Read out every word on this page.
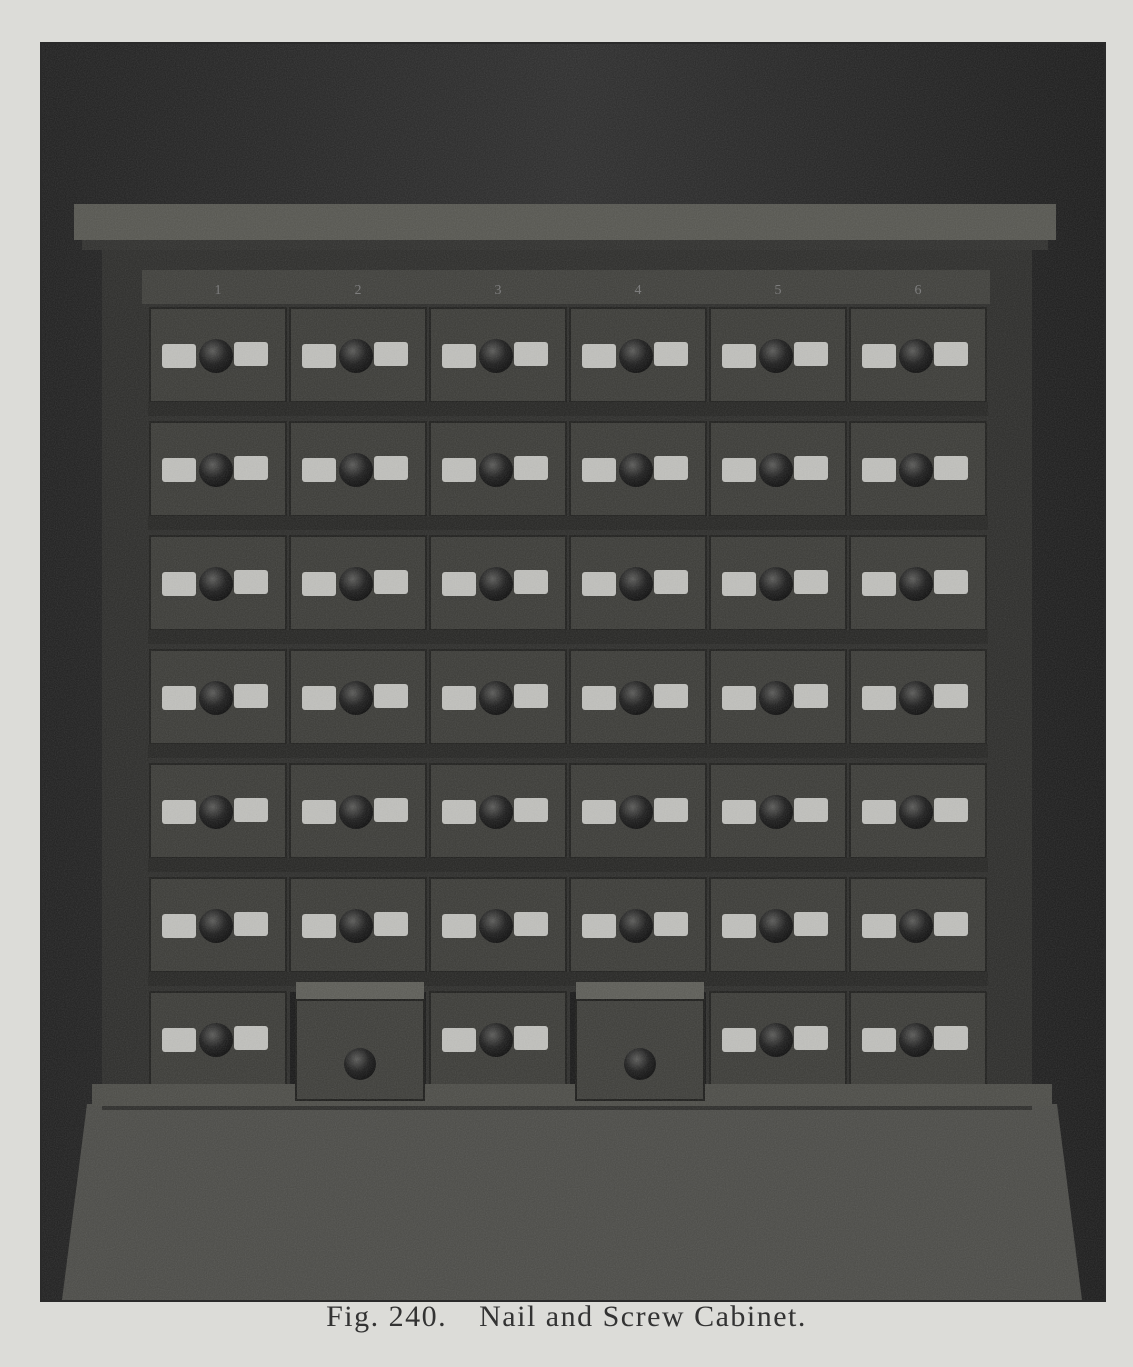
Fig. 240. Nail and Screw Cabinet.
